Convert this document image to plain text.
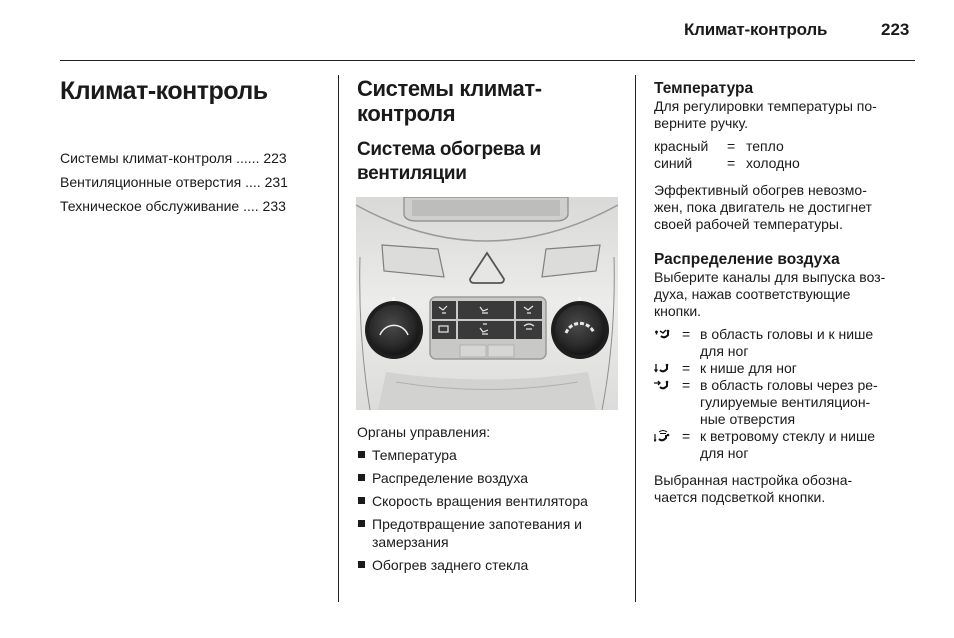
Климат-контроль	223
Климат-контроль
Системы климат-контроля ...... 223
Вентиляционные отверстия .... 231
Техническое обслуживание .... 233
Системы климат-
контроля
Система обогрева и
вентиляции
Органы управления:
Температура
Распределение воздуха
Скорость вращения вентилятора
Предотвращение запотевания и
замерзания
Обогрев заднего стекла
Температура

Для регулировки температуры по-
верните ручку.

красный = тепло
синий = холодно

Эффективный обогрев невозмо-
жен, пока двигатель не достигнет
своей рабочей температуры.

Распределение воздуха

Выберите каналы для выпуска воз-
духа, нажав соответствующие
кнопки.

= в область головы и к нише
для ног
= к нише для ног
= в область головы через ре-
гулируемые вентиляцион-
ные отверстия
= к ветровому стеклу и нише
для ног

Выбранная настройка обозна-
чается подсветкой кнопки.
